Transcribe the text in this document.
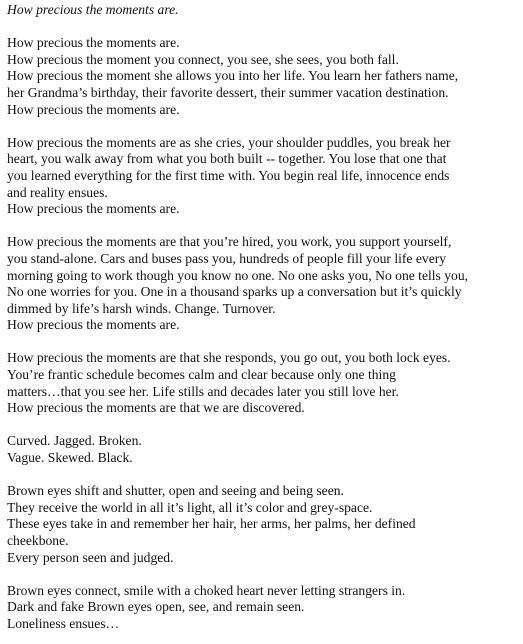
How precious the moments are.
How precious the moments are.
How precious the moment you connect, you see, she sees, you both fall.
How precious the moment she allows you into her life. You learn her fathers name,
her Grandma’s birthday, their favorite dessert, their summer vacation destination.
How precious the moments are.
How precious the moments are as she cries, your shoulder puddles, you break her
heart, you walk away from what you both built -- together. You lose that one that
you learned everything for the first time with. You begin real life, innocence ends
and reality ensues.
How precious the moments are.
How precious the moments are that you’re hired, you work, you support yourself,
you stand-alone. Cars and buses pass you, hundreds of people fill your life every
morning going to work though you know no one. No one asks you, No one tells you,
No one worries for you. One in a thousand sparks up a conversation but it’s quickly
dimmed by life’s harsh winds. Change. Turnover.
How precious the moments are.
How precious the moments are that she responds, you go out, you both lock eyes.
You’re frantic schedule becomes calm and clear because only one thing
matters…that you see her. Life stills and decades later you still love her.
How precious the moments are that we are discovered.
Curved. Jagged. Broken.
Vague. Skewed. Black.
Brown eyes shift and shutter, open and seeing and being seen.
They receive the world in all it’s light, all it’s color and grey-space.
These eyes take in and remember her hair, her arms, her palms, her defined
cheekbone.
Every person seen and judged.
Brown eyes connect, smile with a choked heart never letting strangers in.
Dark and fake Brown eyes open, see, and remain seen.
Loneliness ensues…
